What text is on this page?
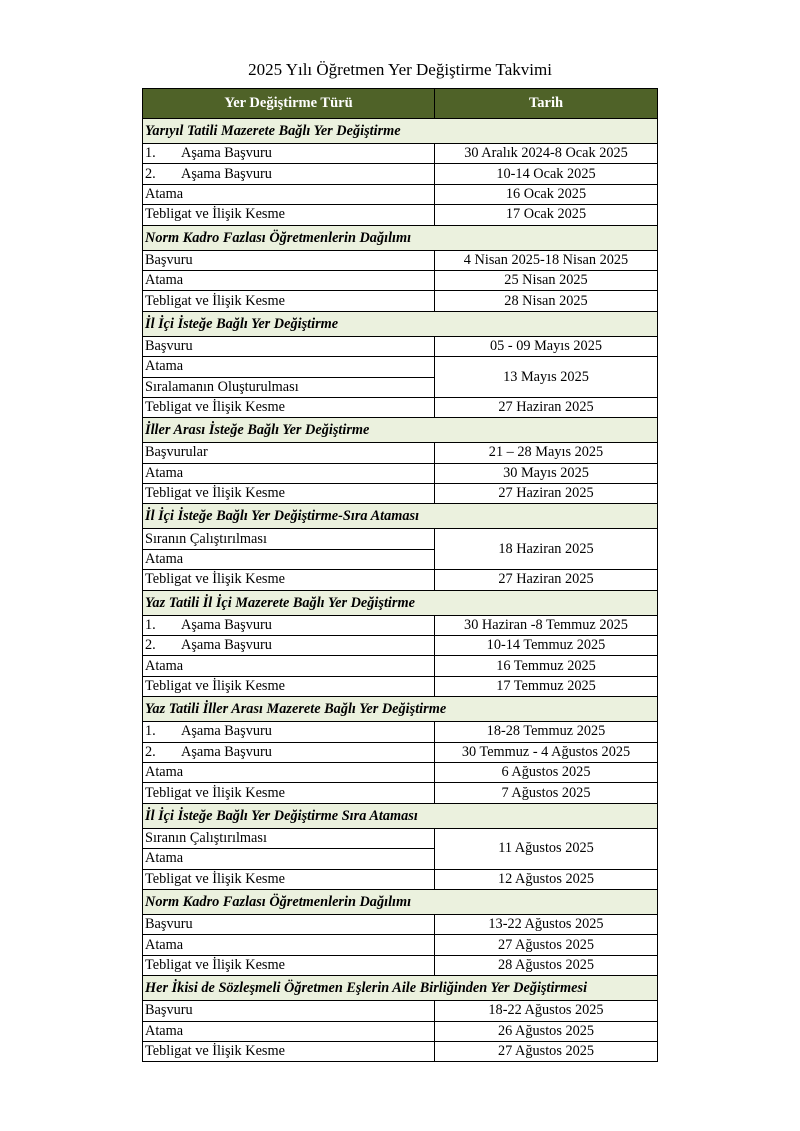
2025 Yılı Öğretmen Yer Değiştirme Takvimi
Yer Değiştirme Türü	Tarih
Yarıyıl Tatili Mazerete Bağlı Yer Değiştirme	
1. Aşama Başvuru	30 Aralık 2024-8 Ocak 2025
2. Aşama Başvuru	10-14 Ocak 2025
Atama	16 Ocak 2025
Tebligat ve İlişik Kesme	17 Ocak 2025
Norm Kadro Fazlası Öğretmenlerin Dağılımı	
Başvuru	4 Nisan 2025-18 Nisan 2025
Atama	25 Nisan 2025
Tebligat ve İlişik Kesme	28 Nisan 2025
İl İçi İsteğe Bağlı Yer Değiştirme	
Başvuru	05 - 09 Mayıs 2025
Atama	13 Mayıs 2025
Sıralamanın Oluşturulması	
Tebligat ve İlişik Kesme	27 Haziran 2025
İller Arası İsteğe Bağlı Yer Değiştirme	
Başvurular	21 – 28 Mayıs 2025
Atama	30 Mayıs 2025
Tebligat ve İlişik Kesme	27 Haziran 2025
İl İçi İsteğe Bağlı Yer Değiştirme-Sıra Ataması	
Sıranın Çalıştırılması	18 Haziran 2025
Atama	
Tebligat ve İlişik Kesme	27 Haziran 2025
Yaz Tatili İl İçi Mazerete Bağlı Yer Değiştirme	
1. Aşama Başvuru	30 Haziran -8 Temmuz 2025
2. Aşama Başvuru	10-14 Temmuz 2025
Atama	16 Temmuz 2025
Tebligat ve İlişik Kesme	17 Temmuz 2025
Yaz Tatili İller Arası Mazerete Bağlı Yer Değiştirme	
1. Aşama Başvuru	18-28 Temmuz 2025
2. Aşama Başvuru	30 Temmuz - 4 Ağustos 2025
Atama	6 Ağustos 2025
Tebligat ve İlişik Kesme	7 Ağustos 2025
İl İçi İsteğe Bağlı Yer Değiştirme Sıra Ataması	
Sıranın Çalıştırılması	11 Ağustos 2025
Atama	
Tebligat ve İlişik Kesme	12 Ağustos 2025
Norm Kadro Fazlası Öğretmenlerin Dağılımı	
Başvuru	13-22 Ağustos 2025
Atama	27 Ağustos 2025
Tebligat ve İlişik Kesme	28 Ağustos 2025
Her İkisi de Sözleşmeli Öğretmen Eşlerin Aile Birliğinden Yer Değiştirmesi	
Başvuru	18-22 Ağustos 2025
Atama	26 Ağustos 2025
Tebligat ve İlişik Kesme	27 Ağustos 2025
